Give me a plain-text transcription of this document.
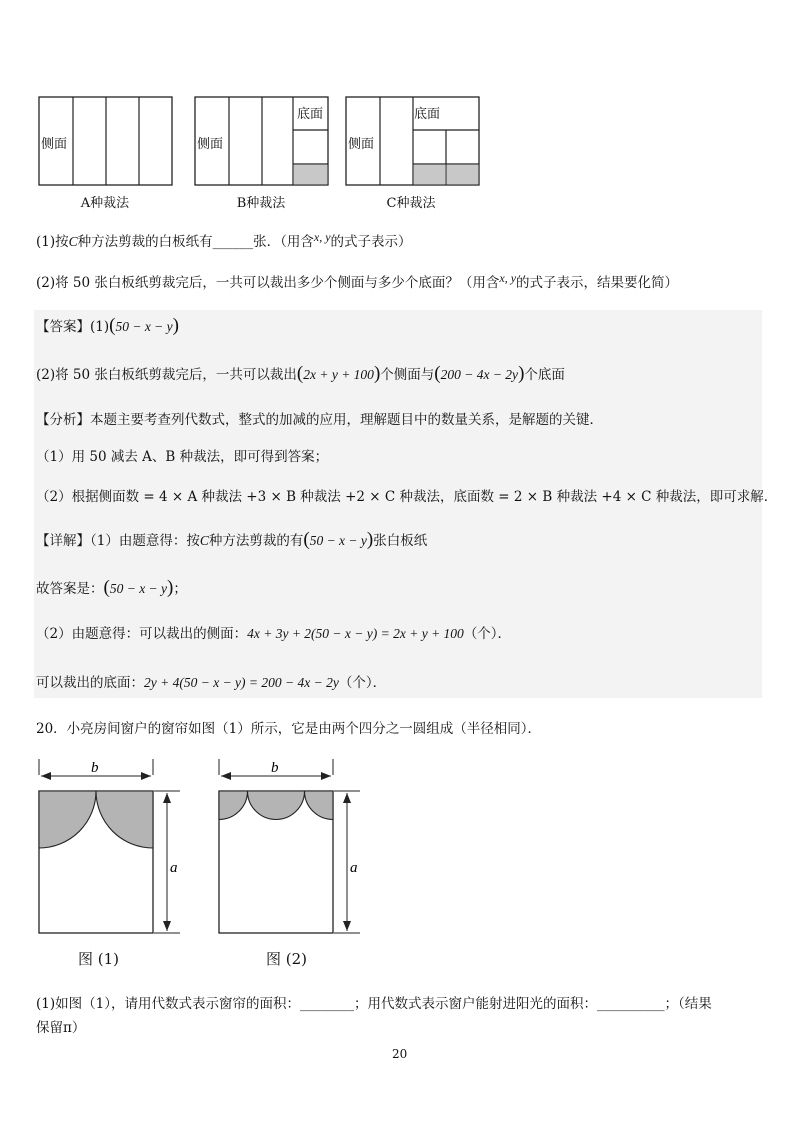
侧面	侧面
底面
侧面
底面
A种裁法	B种裁法	C种裁法
(1)按C种方法剪裁的白板纸有______张．（用含x, y的式子表示）
(2)将 50 张白板纸剪裁完后，一共可以裁出多少个侧面与多少个底面？（用含x, y的式子表示，结果要化简）
【答案】(1)(50 − x − y)
(2)将 50 张白板纸剪裁完后，一共可以裁出(2x + y + 100)个侧面与(200 − 4x − 2y)个底面
【分析】本题主要考查列代数式，整式的加减的应用，理解题目中的数量关系，是解题的关键．
（1）用 50 减去 A、B 种裁法，即可得到答案；
（2）根据侧面数 = 4 × A 种裁法 +3 × B 种裁法 +2 × C 种裁法，底面数 = 2 × B 种裁法 +4 × C 种裁法，即可求解．
【详解】（1）由题意得：按C种方法剪裁的有(50 − x − y)张白板纸
故答案是：(50 − x − y)；
（2）由题意得：可以裁出的侧面：4x + 3y + 2(50 − x − y) = 2x + y + 100（个）．
可以裁出的底面：2y + 4(50 − x − y) = 200 − 4x − 2y（个）．
20．小亮房间窗户的窗帘如图（1）所示，它是由两个四分之一圆组成（半径相同）．
b
a
图 (1)
b
a
图 (2)
(1)如图（1），请用代数式表示窗帘的面积：________；用代数式表示窗户能射进阳光的面积：__________；（结果
保留π）
20
